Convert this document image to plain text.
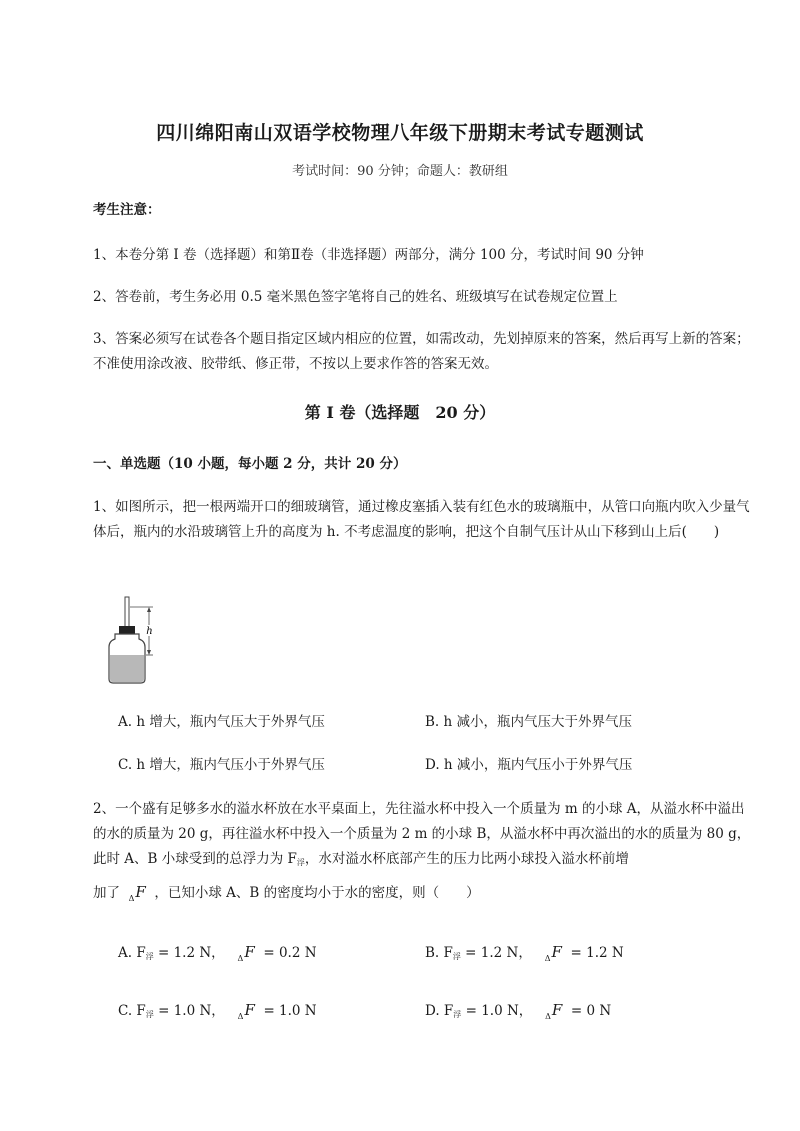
四川绵阳南山双语学校物理八年级下册期末考试专题测试
考试时间：90 分钟；命题人：教研组
考生注意：
1、本卷分第 I 卷（选择题）和第Ⅱ卷（非选择题）两部分，满分 100 分，考试时间 90 分钟
2、答卷前，考生务必用 0.5 毫米黑色签字笔将自己的姓名、班级填写在试卷规定位置上
3、答案必须写在试卷各个题目指定区域内相应的位置，如需改动，先划掉原来的答案，然后再写上新的答案；不准使用涂改液、胶带纸、修正带，不按以上要求作答的答案无效。
第 I 卷（选择题　20 分）
一、单选题（10 小题，每小题 2 分，共计 20 分）
1、如图所示，把一根两端开口的细玻璃管，通过橡皮塞插入装有红色水的玻璃瓶中，从管口向瓶内吹入少量气体后，瓶内的水沿玻璃管上升的高度为 h. 不考虑温度的影响，把这个自制气压计从山下移到山上后(　　)
h
A. h 增大，瓶内气压大于外界气压	B. h 减小，瓶内气压大于外界气压
C. h 增大，瓶内气压小于外界气压	D. h 减小，瓶内气压小于外界气压
2、一个盛有足够多水的溢水杯放在水平桌面上，先往溢水杯中投入一个质量为 m 的小球 A，从溢水杯中溢出的水的质量为 20 g，再往溢水杯中投入一个质量为 2 m 的小球 B，从溢水杯中再次溢出的水的质量为 80 g，此时 A、B 小球受到的总浮力为 $F_浮$，水对溢水杯底部产生的压力比两小球投入溢水杯前增
加了 $_\Delta$F ，已知小球 A、B 的密度均小于水的密度，则（　　）
A. $F_浮 = 1.2$ N， $_\Delta$F  = 0.2 N	B. $F_浮 = 1.2$ N， $_\Delta$F  = 1.2 N
C. $F_浮 = 1.0$ N， $_\Delta$F  = 1.0 N	D. $F_浮 = 1.0$ N， $_\Delta$F  = 0 N
